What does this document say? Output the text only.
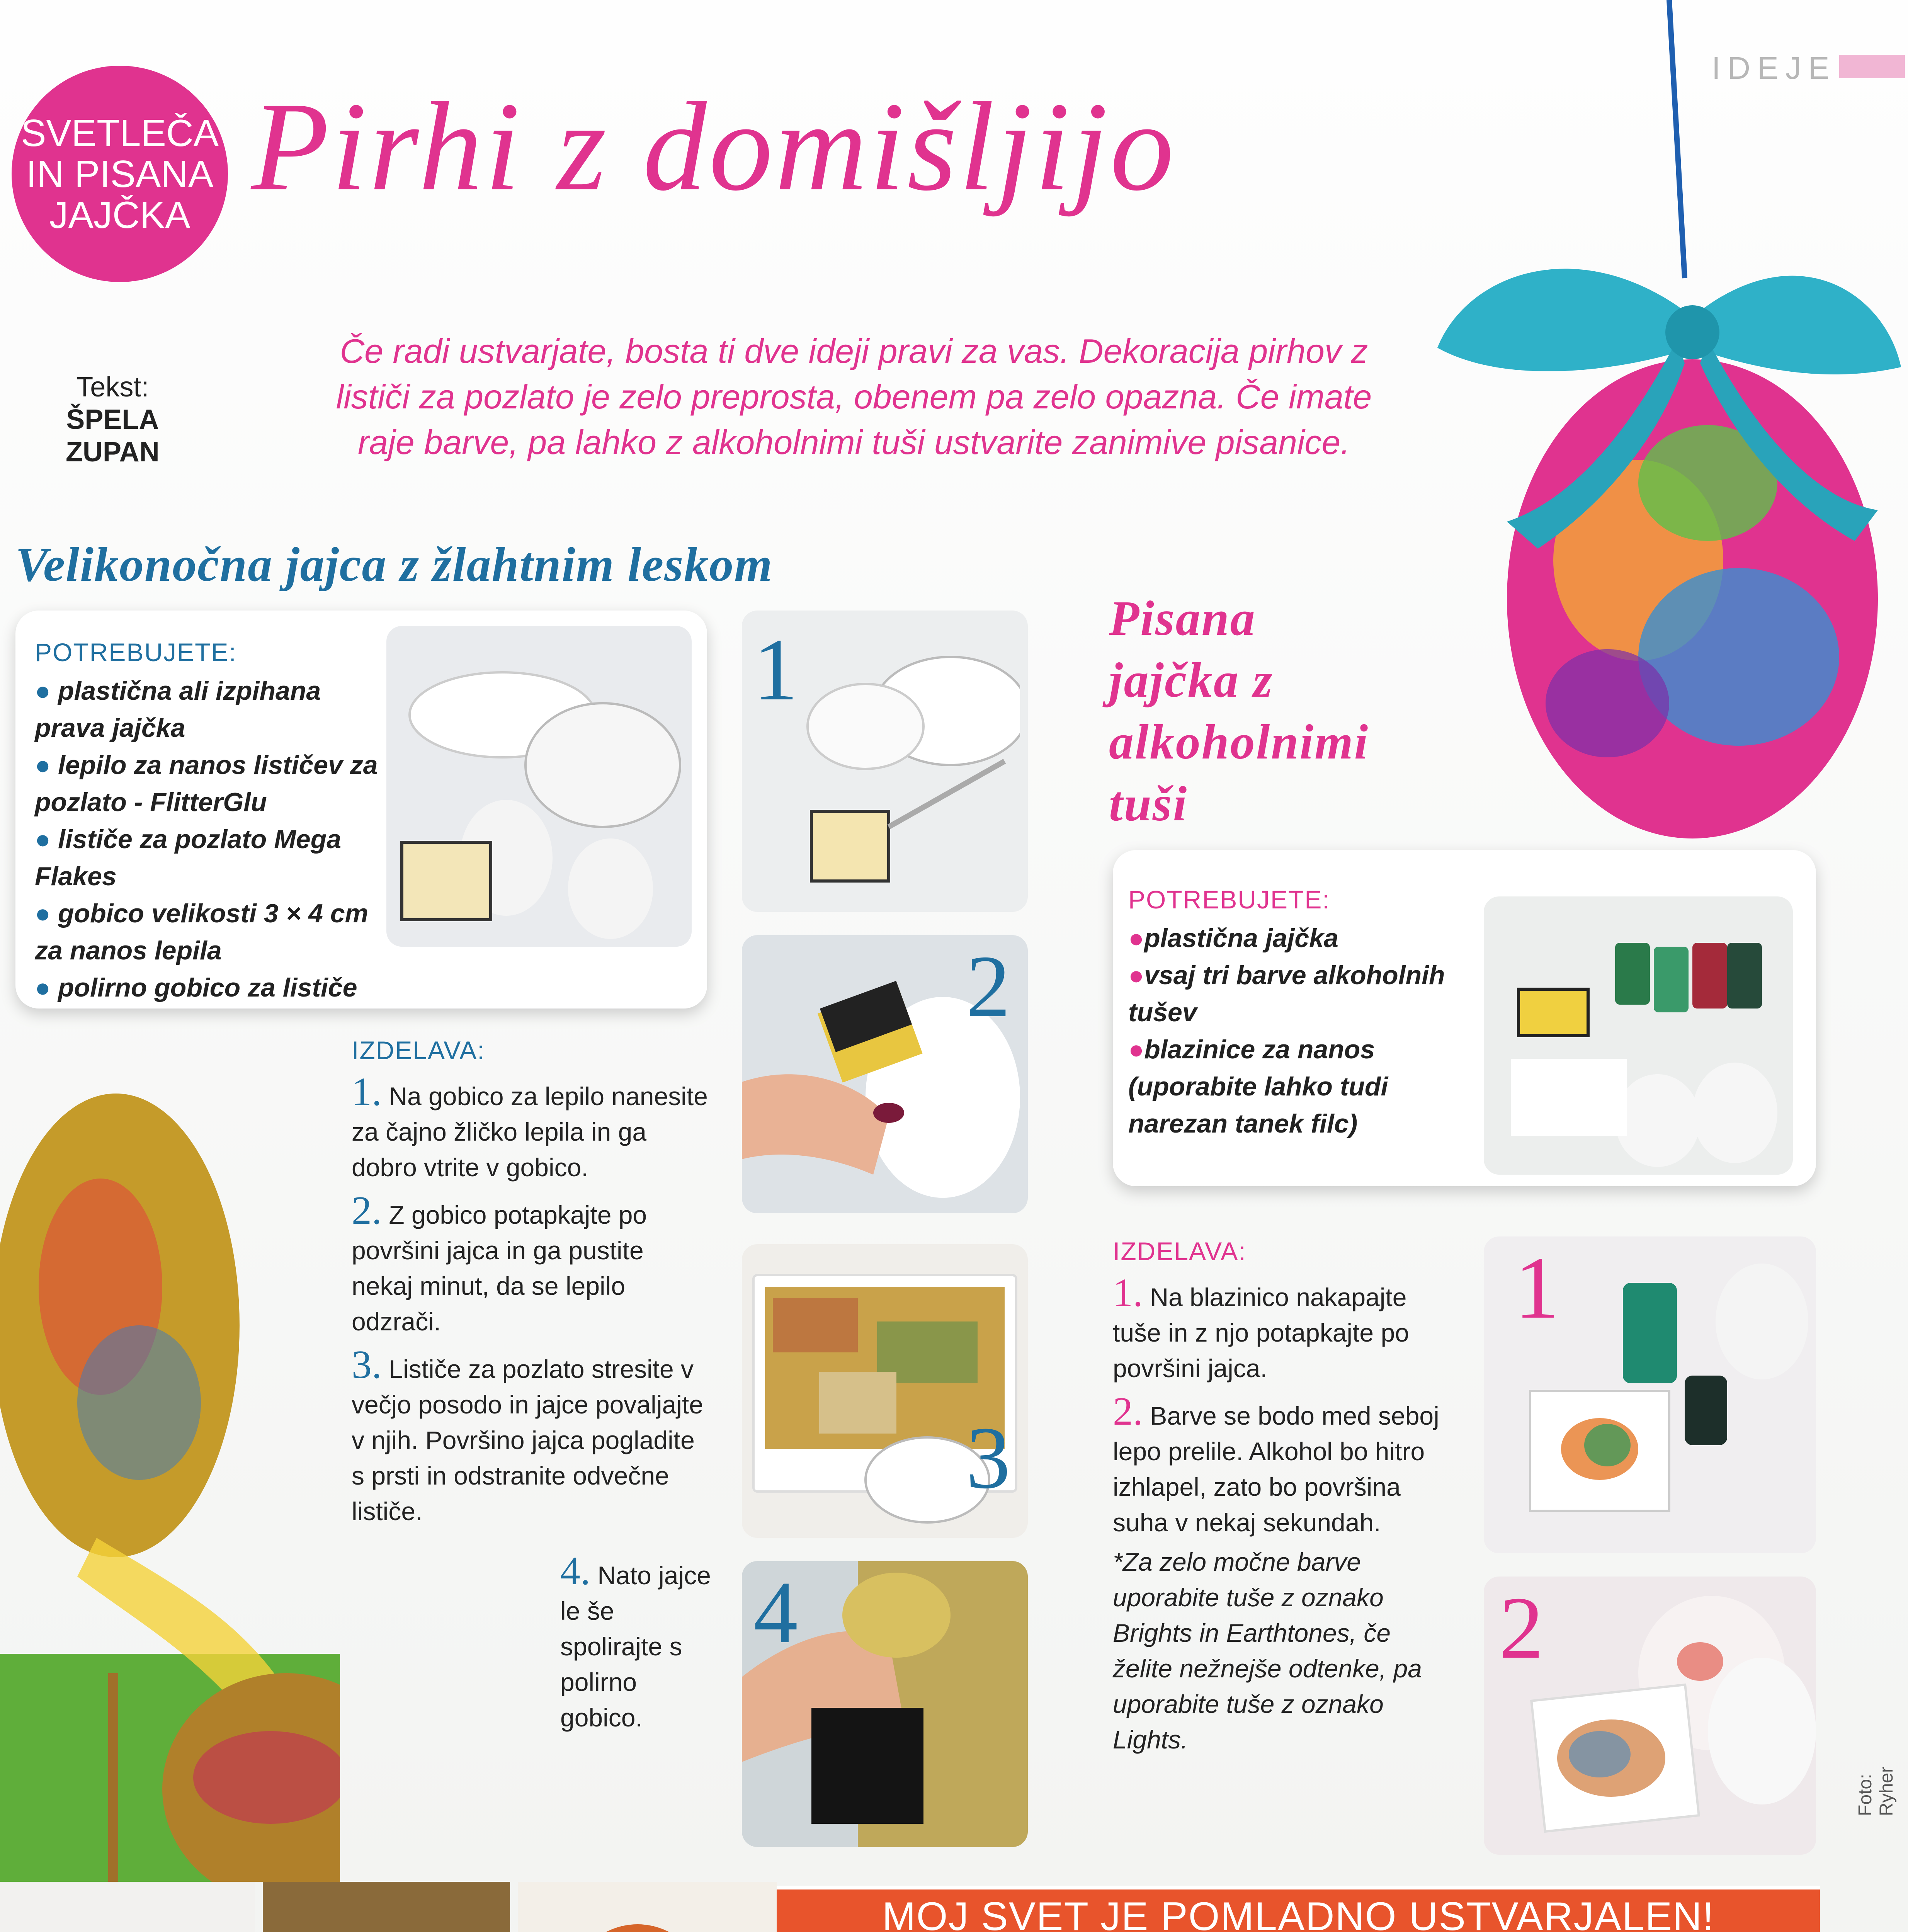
SVETLEČA
IN PISANA
JAJČKA Pirhi z domišljijo
IDEJE
Tekst:
ŠPELA
ZUPAN
Če radi ustvarjate, bosta ti dve ideji pravi za vas. Dekoracija pirhov z
lističi za pozlato je zelo preprosta, obenem pa zelo opazna. Če imate
raje barve, pa lahko z alkoholnimi tuši ustvarite zanimive pisanice.
Velikonočna jajca z žlahtnim leskom
POTREBUJETE:
● plastična ali izpihana prava jajčka
● lepilo za nanos lističev za pozlato - FlitterGlu
● lističe za pozlato Mega Flakes
● gobico velikosti 3 × 4 cm za nanos lepila
● polirno gobico za lističe
1
2
3
4
IZDELAVA:
1. Na gobico za lepilo nanesite za čajno žličko lepila in ga dobro vtrite v gobico.
2. Z gobico potapkajte po površini jajca in ga pustite nekaj minut, da se lepilo odzrači.
3. Lističe za pozlato stresite v večjo posodo in jajce povaljajte v njih. Površino jajca pogladite s prsti in odstranite odvečne lističe.
4. Nato jajce le še spolirajte s polirno gobico.
Pisana
jajčka z
alkoholnimi
tuši
POTREBUJETE:
●plastična jajčka
●vsaj tri barve alkoholnih tušev
●blazinice za nanos (uporabite lahko tudi narezan tanek filc)
IZDELAVA:
1. Na blazinico nakapajte tuše in z njo potapkajte po površini jajca.
2. Barve se bodo med seboj lepo prelile. Alkohol bo hitro izhlapel, zato bo površina suha v nekaj sekundah.
*Za zelo močne barve uporabite tuše z oznako Brights in Earthtones, če želite nežnejše odtenke, pa uporabite tuše z oznako Lights.
1
2
Foto: Ryher
MOJ SVET JE POMLADNO USTVARJALEN!
